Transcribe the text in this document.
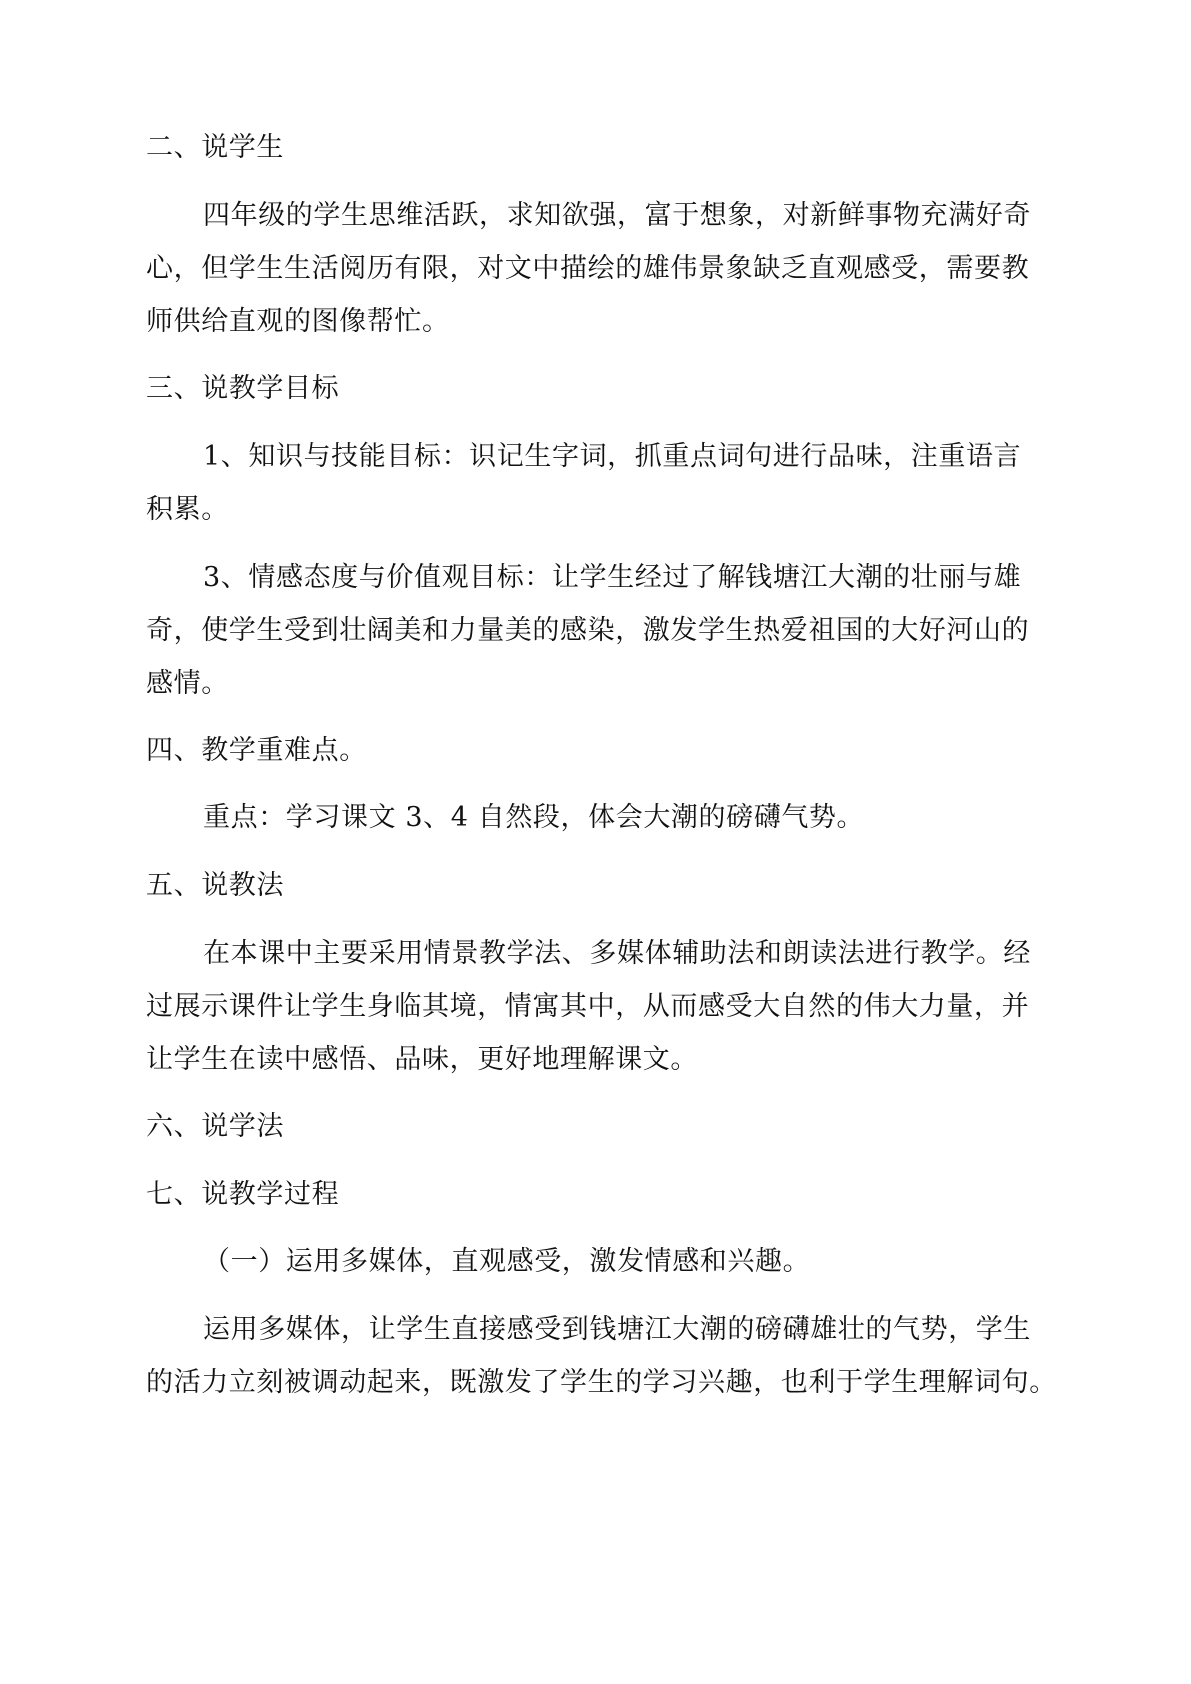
二、说学生
四年级的学生思维活跃，求知欲强，富于想象，对新鲜事物充满好奇
心，但学生生活阅历有限，对文中描绘的雄伟景象缺乏直观感受，需要教
师供给直观的图像帮忙。
三、说教学目标
1、知识与技能目标：识记生字词，抓重点词句进行品味，注重语言
积累。
3、情感态度与价值观目标：让学生经过了解钱塘江大潮的壮丽与雄
奇，使学生受到壮阔美和力量美的感染，激发学生热爱祖国的大好河山的
感情。
四、教学重难点。
重点：学习课文 3、4 自然段，体会大潮的磅礴气势。
五、说教法
在本课中主要采用情景教学法、多媒体辅助法和朗读法进行教学。经
过展示课件让学生身临其境，情寓其中，从而感受大自然的伟大力量，并
让学生在读中感悟、品味，更好地理解课文。
六、说学法
七、说教学过程
（一）运用多媒体，直观感受，激发情感和兴趣。
运用多媒体，让学生直接感受到钱塘江大潮的磅礴雄壮的气势，学生
的活力立刻被调动起来，既激发了学生的学习兴趣，也利于学生理解词句。
